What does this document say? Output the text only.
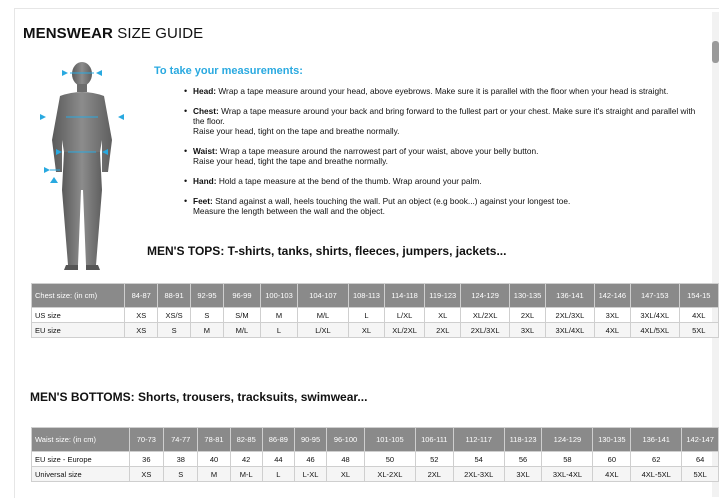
MENSWEAR SIZE GUIDE
To take your measurements:
• Head: Wrap a tape measure around your head, above eyebrows. Make sure it is parallel with the floor when your head is straight.
• Chest: Wrap a tape measure around your back and bring forward to the fullest part or your chest. Make sure it's straight and parallel with the floor.
Raise your head, tight on the tape and breathe normally.
• Waist: Wrap a tape measure around the narrowest part of your waist, above your belly button.
Raise your head, tight the tape and breathe normally.
• Hand: Hold a tape measure at the bend of the thumb. Wrap around your palm.
• Feet: Stand against a wall, heels touching the wall. Put an object (e.g book...) against your longest toe.
Measure the length between the wall and the object.
MEN'S TOPS: T-shirts, tanks, shirts, fleeces, jumpers, jackets...
Chest size: (in cm)	84-87	88-91	92-95	96-99	100-103	104-107	108-113	114-118	119-123	124-129	130-135	136-141	142-146	147-153	154-15
US size	XS	XS/S	S	S/M	M	M/L	L	L/XL	XL	XL/2XL	2XL	2XL/3XL	3XL	3XL/4XL	4XL
EU size	XS	S	M	M/L	L	L/XL	XL	XL/2XL	2XL	2XL/3XL	3XL	3XL/4XL	4XL	4XL/5XL	5XL
MEN'S BOTTOMS: Shorts, trousers, tracksuits, swimwear...
Waist size: (in cm)	70-73	74-77	78-81	82-85	86-89	90-95	96-100	101-105	106-111	112-117	118-123	124-129	130-135	136-141	142-147
EU size - Europe	36	38	40	42	44	46	48	50	52	54	56	58	60	62	64
Universal size	XS	S	M	M-L	L	L-XL	XL	XL-2XL	2XL	2XL-3XL	3XL	3XL-4XL	4XL	4XL-5XL	5XL
